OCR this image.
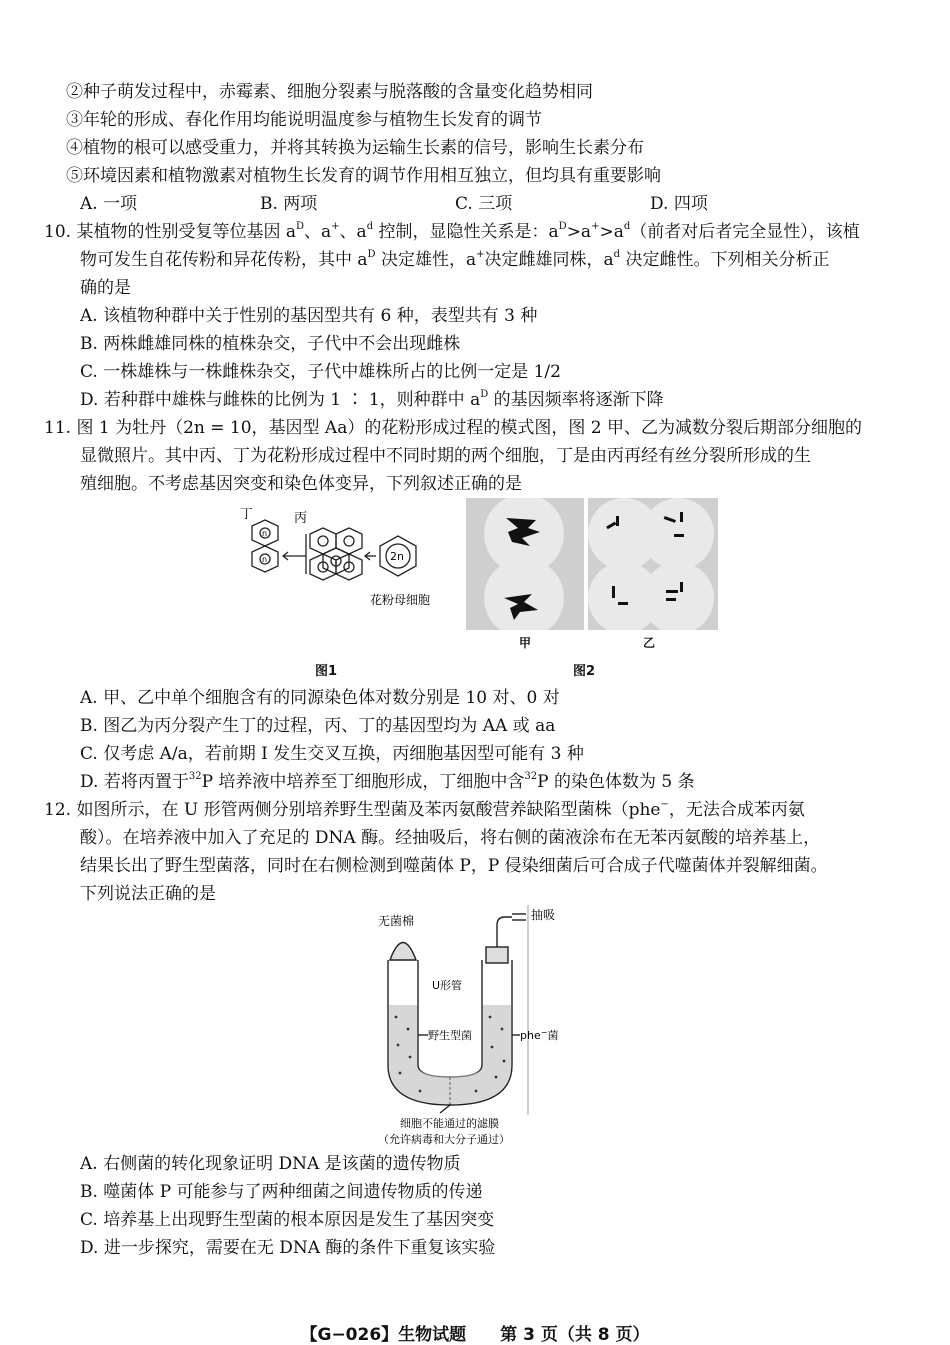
②种子萌发过程中，赤霉素、细胞分裂素与脱落酸的含量变化趋势相同
③年轮的形成、春化作用均能说明温度参与植物生长发育的调节
④植物的根可以感受重力，并将其转换为运输生长素的信号，影响生长素分布
⑤环境因素和植物激素对植物生长发育的调节作用相互独立，但均具有重要影响
A. 一项	B. 两项	C. 三项	D. 四项
10. 某植物的性别受复等位基因 $a^D$、a+、$a^d$ 控制，显隐性关系是：$a^D>a^+>a^d$（前者对后者完全显性），该植
物可发生自花传粉和异花传粉，其中 $a^D$ 决定雄性，a+决定雌雄同株，$a^d$ 决定雌性。下列相关分析正
确的是
A. 该植物种群中关于性别的基因型共有 6 种，表型共有 3 种
B. 两株雌雄同株的植株杂交，子代中不会出现雌株
C. 一株雄株与一株雌株杂交，子代中雄株所占的比例一定是 1/2
D. 若种群中雄株与雌株的比例为 1 ∶ 1，则种群中 $a^D$ 的基因频率将逐渐下降
11. 图 1 为牡丹（2n = 10，基因型 Aa）的花粉形成过程的模式图，图 2 甲、乙为减数分裂后期部分细胞的
显微照片。其中丙、丁为花粉形成过程中不同时期的两个细胞，丁是由丙再经有丝分裂所形成的生
殖细胞。不考虑基因突变和染色体变异，下列叙述正确的是
丁	丙
n
n	2n
花粉母细胞
图1
甲	乙
图2
A. 甲、乙中单个细胞含有的同源染色体对数分别是 10 对、0 对
B. 图乙为丙分裂产生丁的过程，丙、丁的基因型均为 AA 或 aa
C. 仅考虑 A/a，若前期 Ⅰ 发生交叉互换，丙细胞基因型可能有 3 种
D. 若将丙置于$^{32}$P 培养液中培养至丁细胞形成，丁细胞中含$^{32}$P 的染色体数为 5 条
12. 如图所示，在 U 形管两侧分别培养野生型菌及苯丙氨酸营养缺陷型菌株（phe−，无法合成苯丙氨
酸）。在培养液中加入了充足的 DNA 酶。经抽吸后，将右侧的菌液涂布在无苯丙氨酸的培养基上，
结果长出了野生型菌落，同时在右侧检测到噬菌体 P，P 侵染细菌后可合成子代噬菌体并裂解细菌。
下列说法正确的是
无菌棉	抽吸
U形管
野生型菌	phe−菌
细胞不能通过的滤膜
（允许病毒和大分子通过）
A. 右侧菌的转化现象证明 DNA 是该菌的遗传物质
B. 噬菌体 P 可能参与了两种细菌之间遗传物质的传递
C. 培养基上出现野生型菌的根本原因是发生了基因突变
D. 进一步探究，需要在无 DNA 酶的条件下重复该实验
【G−026】生物试题　　第 3 页（共 8 页）
